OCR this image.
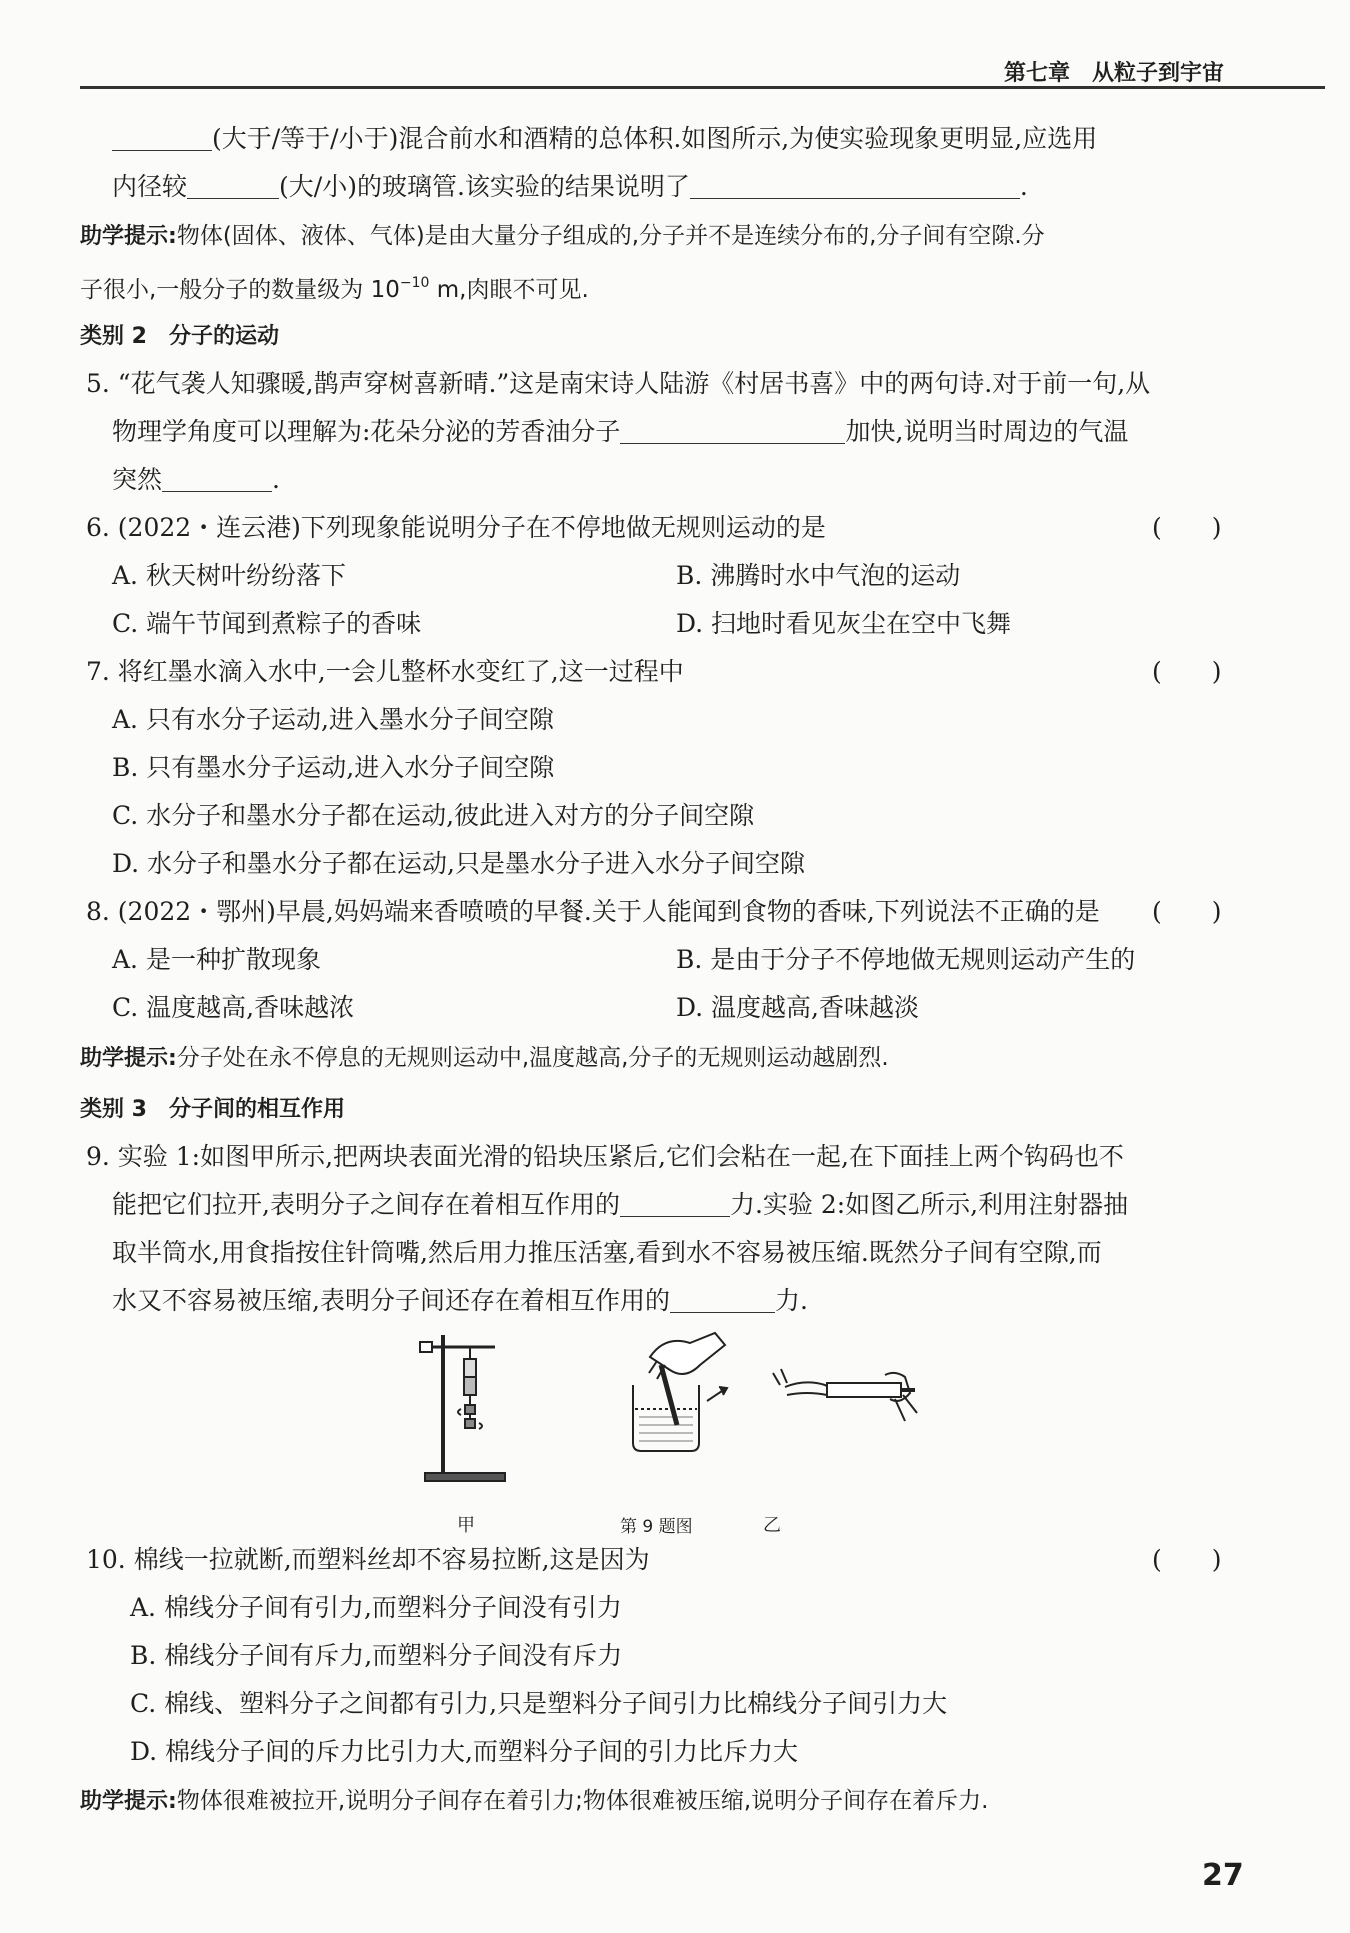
第七章　从粒子到宇宙
(大于/等于/小于)混合前水和酒精的总体积.如图所示,为使实验现象更明显,应选用
内径较	(大/小)的玻璃管.该实验的结果说明了	.
助学提示:物体(固体、液体、气体)是由大量分子组成的,分子并不是连续分布的,分子间有空隙.分
子很小,一般分子的数量级为 $10^{-10}$ m,肉眼不可见.
类别 2　分子的运动
5. “花气袭人知骤暖,鹊声穿树喜新晴.”这是南宋诗人陆游《村居书喜》中的两句诗.对于前一句,从
物理学角度可以理解为:花朵分泌的芳香油分子	加快,说明当时周边的气温
突然	.
6. (2022・连云港)下列现象能说明分子在不停地做无规则运动的是	(　　)
A. 秋天树叶纷纷落下	B. 沸腾时水中气泡的运动
C. 端午节闻到煮粽子的香味	D. 扫地时看见灰尘在空中飞舞
7. 将红墨水滴入水中,一会儿整杯水变红了,这一过程中	(　　)
A. 只有水分子运动,进入墨水分子间空隙
B. 只有墨水分子运动,进入水分子间空隙
C. 水分子和墨水分子都在运动,彼此进入对方的分子间空隙
D. 水分子和墨水分子都在运动,只是墨水分子进入水分子间空隙
8. (2022・鄂州)早晨,妈妈端来香喷喷的早餐.关于人能闻到食物的香味,下列说法不正确的是 (　　)
A. 是一种扩散现象	B. 是由于分子不停地做无规则运动产生的
C. 温度越高,香味越浓	D. 温度越高,香味越淡
助学提示:分子处在永不停息的无规则运动中,温度越高,分子的无规则运动越剧烈.
类别 3　分子间的相互作用
9. 实验 1:如图甲所示,把两块表面光滑的铅块压紧后,它们会粘在一起,在下面挂上两个钩码也不
能把它们拉开,表明分子之间存在着相互作用的	力.实验 2:如图乙所示,利用注射器抽
取半筒水,用食指按住针筒嘴,然后用力推压活塞,看到水不容易被压缩.既然分子间有空隙,而
水又不容易被压缩,表明分子间还存在着相互作用的	力.
甲	乙
第 9 题图
10. 棉线一拉就断,而塑料丝却不容易拉断,这是因为	(　　)
A. 棉线分子间有引力,而塑料分子间没有引力
B. 棉线分子间有斥力,而塑料分子间没有斥力
C. 棉线、塑料分子之间都有引力,只是塑料分子间引力比棉线分子间引力大
D. 棉线分子间的斥力比引力大,而塑料分子间的引力比斥力大
助学提示:物体很难被拉开,说明分子间存在着引力;物体很难被压缩,说明分子间存在着斥力.
27
